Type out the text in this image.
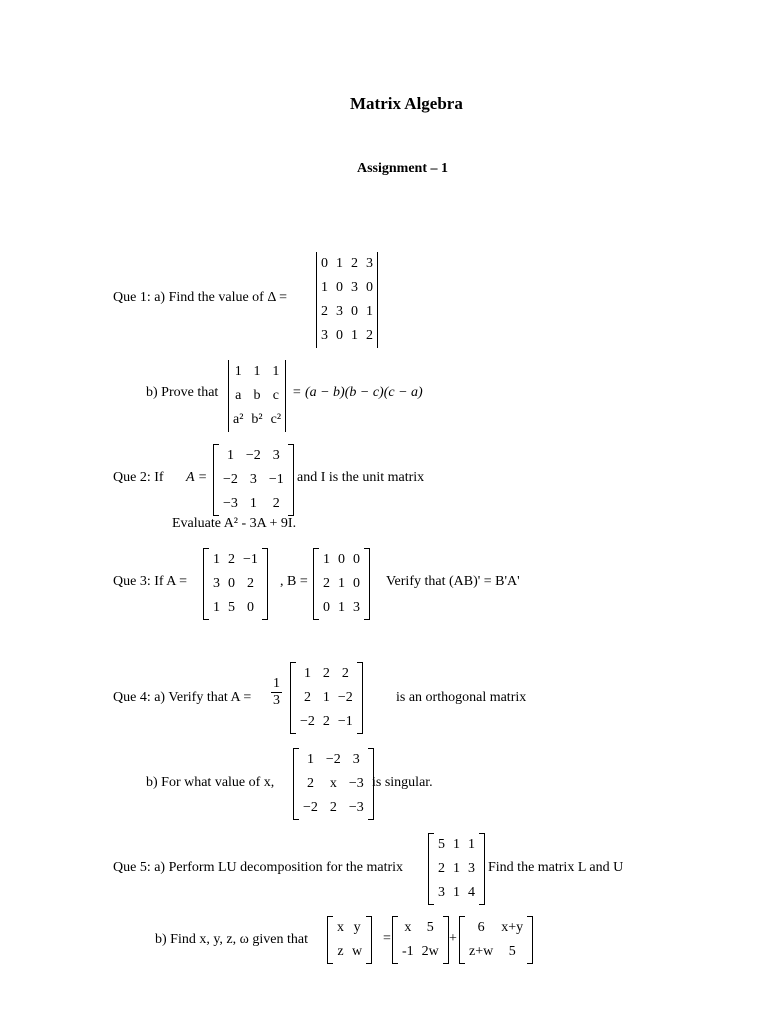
Matrix Algebra
Assignment – 1
Que 1: a) Find the value of Δ =
0	1	2	3
1	0	3	0
2	3	0	1
3	0	1	2
b) Prove that
1	1	1
a	b	c
a²	b²	c²
= (a − b)(b − c)(c − a)
Que 2: If A =
1	−2	3
−2	3	−1
−3	1	2
and I is the unit matrix
Evaluate A² - 3A + 9I.
Que 3: If A =
1	2	−1
3	0	2
1	5	0
, B =
1	0	0
2	1	0
0	1	3
Verify that (AB)' = B'A'
Que 4: a) Verify that $A = \frac{1}{3}$
1	2	2
2	1	−2
−2	2	−1
is an orthogonal matrix
b) For what value of x,
1	−2	3
2	x	−3
−2	2	−3
is singular.
Que 5: a) Perform LU decomposition for the matrix
5	1	1
2	1	3
3	1	4
Find the matrix L and U
b) Find x, y, z, ω given that
x	y
z	w
=
x	5
-1	2w
+
6	x+y
z+w	5
